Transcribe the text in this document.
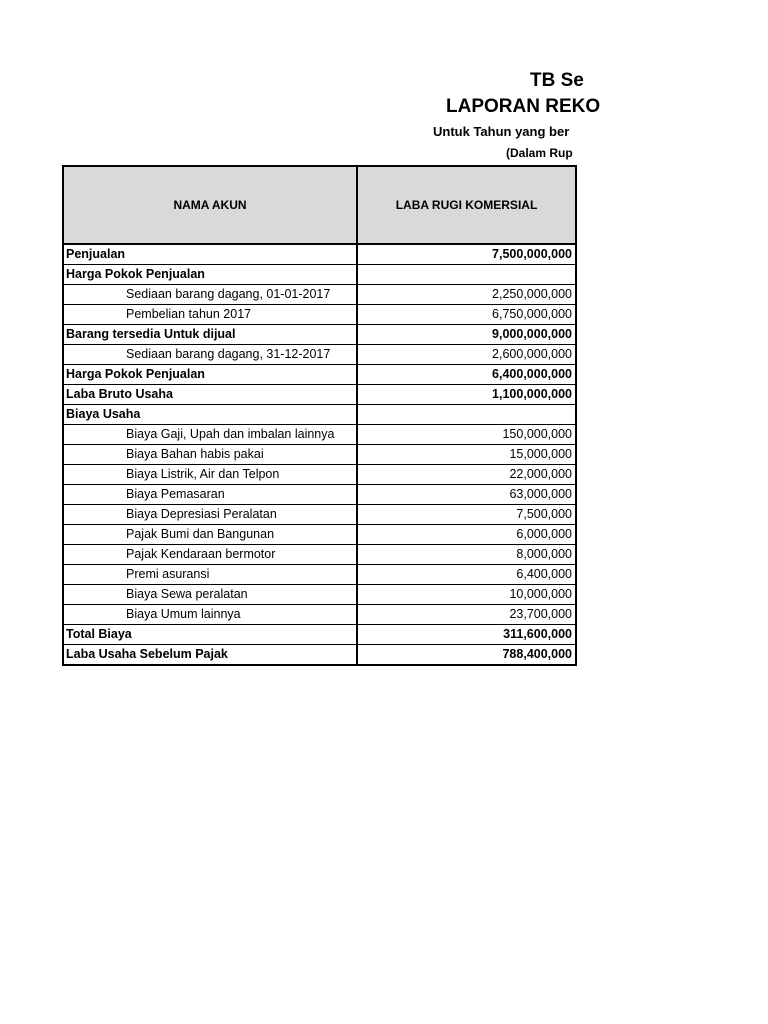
TB Se
LAPORAN REKO
Untuk Tahun yang ber
(Dalam Rup
NAMA AKUN	LABA RUGI KOMERSIAL
Penjualan	7,500,000,000
Harga Pokok Penjualan	
Sediaan barang dagang, 01-01-2017	2,250,000,000
Pembelian tahun 2017	6,750,000,000
Barang tersedia Untuk dijual	9,000,000,000
Sediaan barang dagang, 31-12-2017	2,600,000,000
Harga Pokok Penjualan	6,400,000,000
Laba Bruto Usaha	1,100,000,000
Biaya Usaha	
Biaya Gaji, Upah dan imbalan lainnya	150,000,000
Biaya Bahan habis pakai	15,000,000
Biaya Listrik, Air dan Telpon	22,000,000
Biaya Pemasaran	63,000,000
Biaya Depresiasi Peralatan	7,500,000
Pajak Bumi dan Bangunan	6,000,000
Pajak Kendaraan bermotor	8,000,000
Premi asuransi	6,400,000
Biaya Sewa peralatan	10,000,000
Biaya Umum lainnya	23,700,000
Total Biaya	311,600,000
Laba Usaha Sebelum Pajak	788,400,000
